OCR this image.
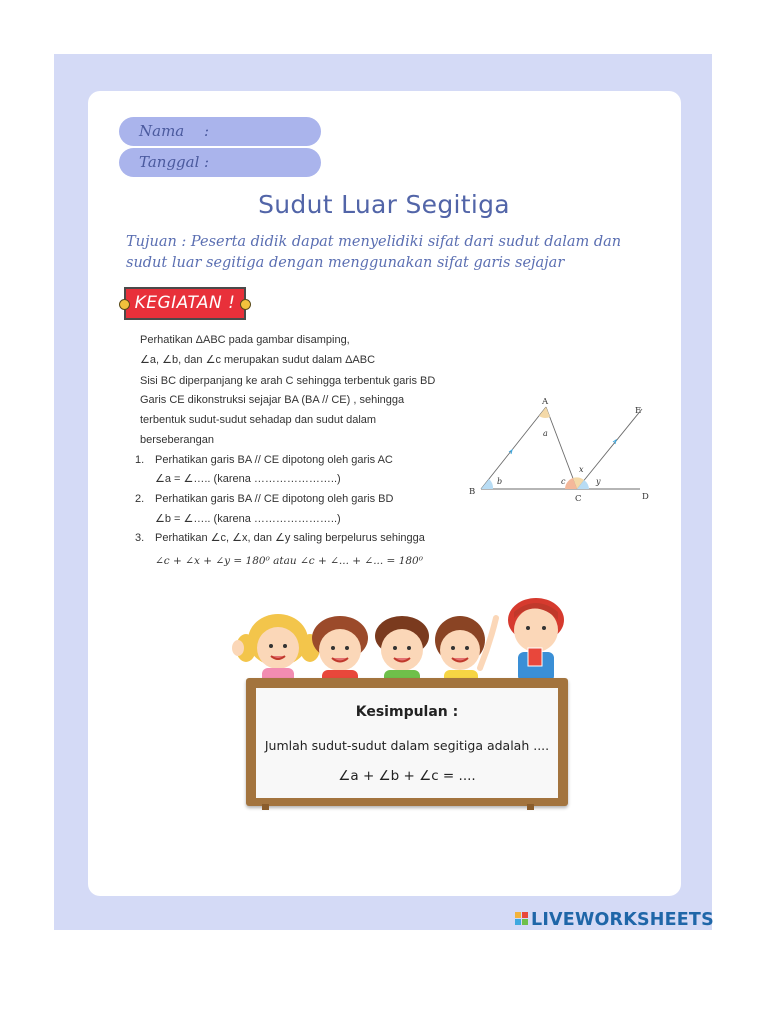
Nama :
Tanggal :
Sudut Luar Segitiga
Tujuan : Peserta didik dapat menyelidiki sifat dari sudut dalam dan sudut luar segitiga dengan menggunakan sifat garis sejajar
KEGIATAN !
Perhatikan ΔABC pada gambar disamping,
∠a, ∠b, dan ∠c merupakan sudut dalam ΔABC
Sisi BC diperpanjang ke arah C sehingga terbentuk garis BD
Garis CE dikonstruksi sejajar BA (BA // CE) , sehingga
terbentuk sudut-sudut sehadap dan sudut dalam
berseberangan
1. Perhatikan garis BA // CE dipotong oleh garis AC
∠a = ∠….. (karena …………………..)
2. Perhatikan garis BA // CE dipotong oleh garis BD
∠b = ∠….. (karena …………………..)
3. Perhatikan ∠c, ∠x, dan ∠y saling berpelurus sehingga
∠c + ∠x + ∠y = 180⁰ atau ∠c + ∠... + ∠... = 180⁰
A
B
C	D
E
a
b	c
x
y
Kesimpulan :
Jumlah sudut-sudut dalam segitiga adalah ....
∠a + ∠b + ∠c = ....
LIVEWORKSHEETS
